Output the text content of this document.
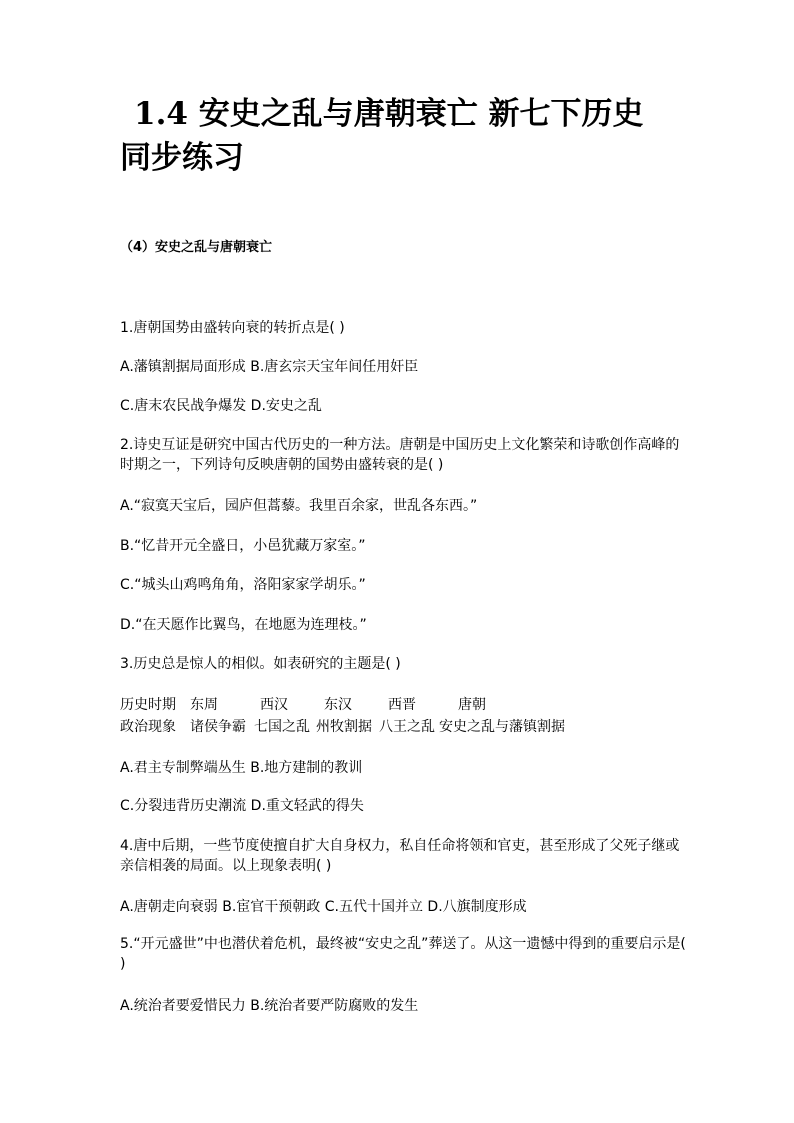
1.4 安史之乱与唐朝衰亡 新七下历史
同步练习
（4）安史之乱与唐朝衰亡
1.唐朝国势由盛转向衰的转折点是( )
A.藩镇割据局面形成 B.唐玄宗天宝年间任用奸臣
C.唐末农民战争爆发 D.安史之乱
2.诗史互证是研究中国古代历史的一种方法。唐朝是中国历史上文化繁荣和诗歌创作高峰的时期之一，下列诗句反映唐朝的国势由盛转衰的是( )
A.“寂寞天宝后，园庐但蒿藜。我里百余家，世乱各东西。”
B.“忆昔开元全盛日，小邑犹藏万家室。”
C.“城头山鸡鸣角角，洛阳家家学胡乐。”
D.“在天愿作比翼鸟，在地愿为连理枝。”
3.历史总是惊人的相似。如表研究的主题是( )
历史时期 东周	西汉	东汉	西晋	唐朝
政治现象 诸侯争霸 七国之乱 州牧割据 八王之乱 安史之乱与藩镇割据
A.君主专制弊端丛生 B.地方建制的教训
C.分裂违背历史潮流 D.重文轻武的得失
4.唐中后期，一些节度使擅自扩大自身权力，私自任命将领和官吏，甚至形成了父死子继或亲信相袭的局面。以上现象表明( )
A.唐朝走向衰弱 B.宦官干预朝政 C.五代十国并立 D.八旗制度形成
5.“开元盛世”中也潜伏着危机，最终被“安史之乱”葬送了。从这一遗憾中得到的重要启示是( )
A.统治者要爱惜民力 B.统治者要严防腐败的发生
